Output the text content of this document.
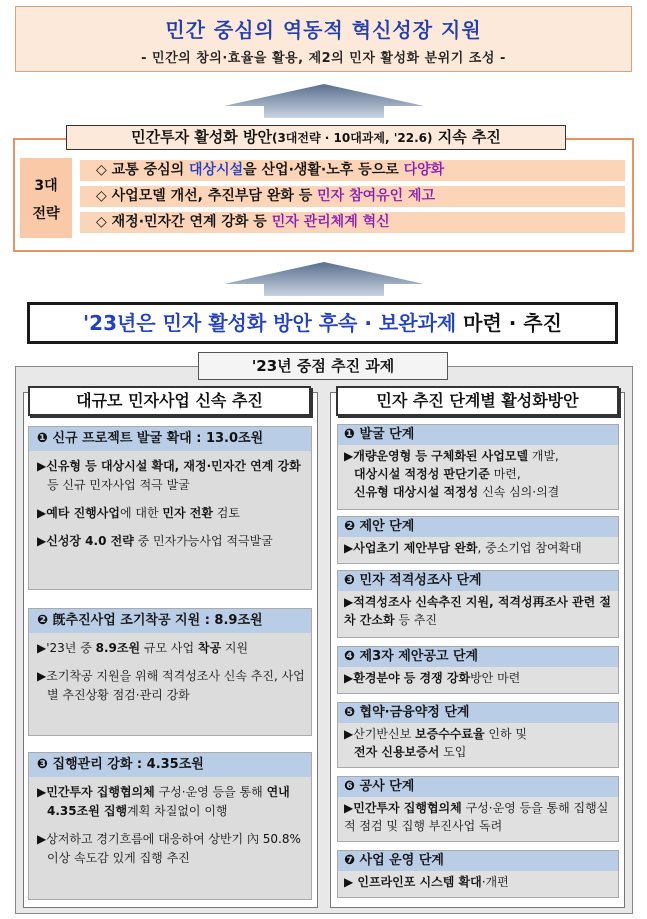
민간 중심의 역동적 혁신성장 지원
- 민간의 창의·효율을 활용, 제2의 민자 활성화 분위기 조성 -
민간투자 활성화 방안(3대전략 · 10대과제, '22.6) 지속 추진
3대
전략
◇ 교통 중심의 대상시설을 산업·생활·노후 등으로 다양화
◇ 사업모델 개선, 추진부담 완화 등 민자 참여유인 제고
◇ 재정·민자간 연계 강화 등 민자 관리체계 혁신
'23년은 민자 활성화 방안 후속 · 보완과제 마련 · 추진
'23년 중점 추진 과제
대규모 민자사업 신속 추진
❶ 신규 프로젝트 발굴 확대 : 13.0조원
▶신유형 등 대상시설 확대, 재정·민자간 연계 강화 등 신규 민자사업 적극 발굴
▶예타 진행사업에 대한 민자 전환 검토
▶신성장 4.0 전략 중 민자가능사업 적극발굴
❷ 旣추진사업 조기착공 지원 : 8.9조원
▶'23년 중 8.9조원 규모 사업 착공 지원
▶조기착공 지원을 위해 적격성조사 신속 추진, 사업별 추진상황 점검·관리 강화
❸ 집행관리 강화 : 4.35조원
▶민간투자 집행협의체 구성·운영 등을 통해 연내 4.35조원 집행계획 차질없이 이행
▶상저하고 경기흐름에 대응하여 상반기 內 50.8%이상 속도감 있게 집행 추진
민자 추진 단계별 활성화방안
❶ 발굴 단계
▶개량운영형 등 구체화된 사업모델 개발,
대상시설 적정성 판단기준 마련,
신유형 대상시설 적정성 신속 심의·의결
❷ 제안 단계
▶사업초기 제안부담 완화, 중소기업 참여확대
❸ 민자 적격성조사 단계
▶적격성조사 신속추진 지원, 적격성再조사 관련 절차 간소화 등 추진
❹ 제3자 제안공고 단계
▶환경분야 등 경쟁 강화방안 마련
❺ 협약·금융약정 단계
▶산기반신보 보증수수료율 인하 및
전자 신용보증서 도입
❻ 공사 단계
▶민간투자 집행협의체 구성·운영 등을 통해 집행실적 점검 및 집행 부진사업 독려
❼ 사업 운영 단계
▶ 인프라인포 시스템 확대·개편
